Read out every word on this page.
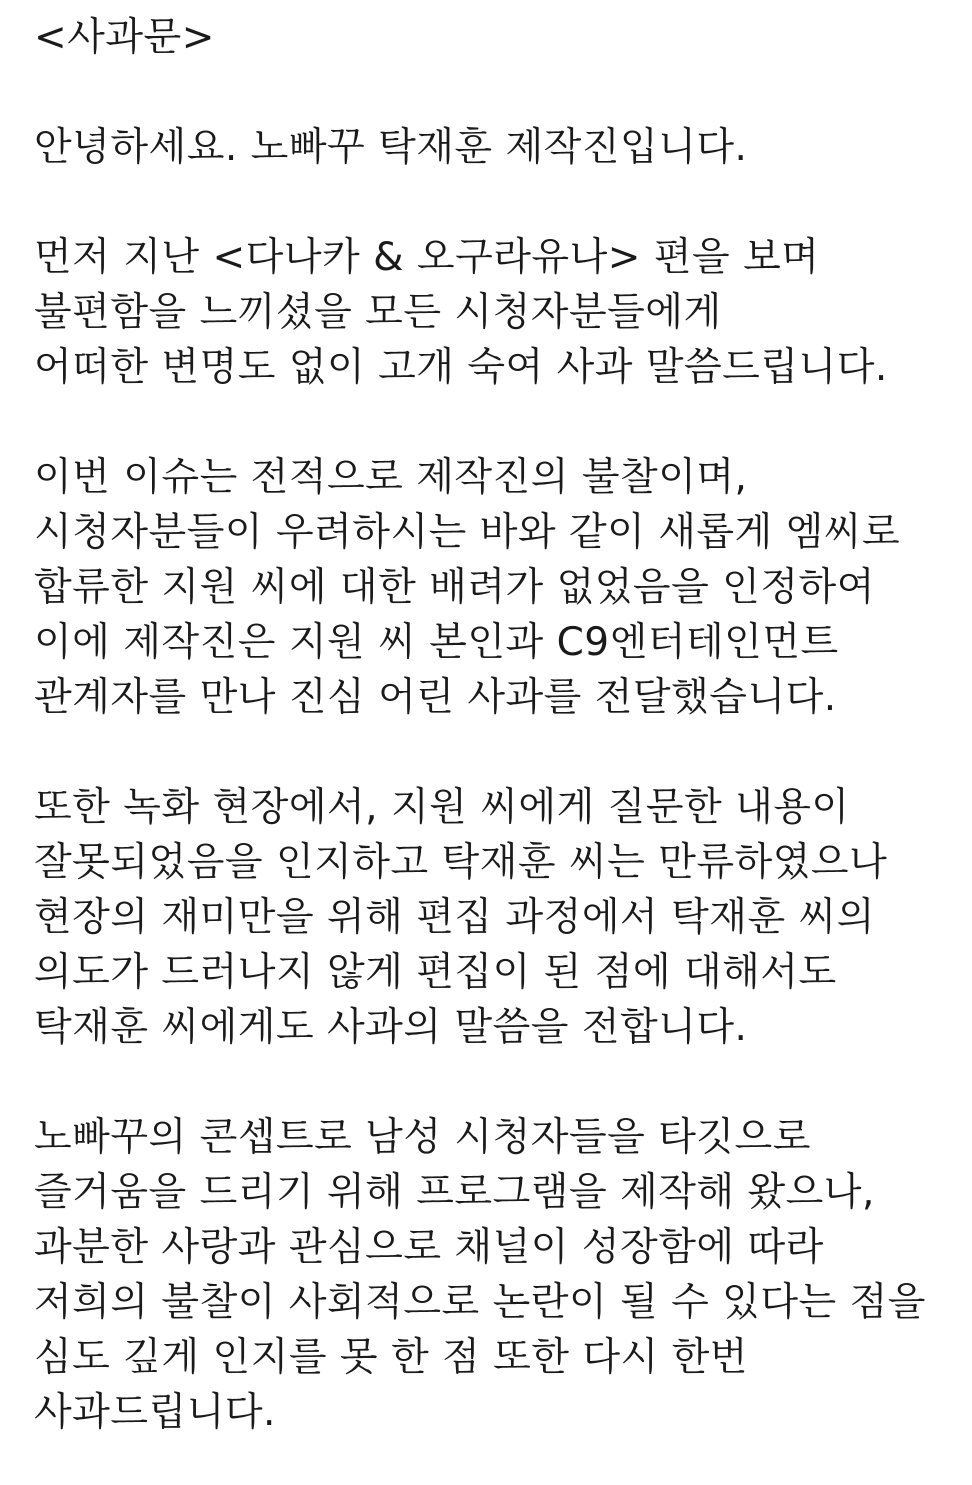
<사과문>
안녕하세요. 노빠꾸 탁재훈 제작진입니다.
먼저 지난 <다나카 & 오구라유나> 편을 보며
불편함을 느끼셨을 모든 시청자분들에게
어떠한 변명도 없이 고개 숙여 사과 말씀드립니다.
이번 이슈는 전적으로 제작진의 불찰이며,
시청자분들이 우려하시는 바와 같이 새롭게 엠씨로
합류한 지원 씨에 대한 배려가 없었음을 인정하여
이에 제작진은 지원 씨 본인과 C9엔터테인먼트
관계자를 만나 진심 어린 사과를 전달했습니다.
또한 녹화 현장에서, 지원 씨에게 질문한 내용이
잘못되었음을 인지하고 탁재훈 씨는 만류하였으나
현장의 재미만을 위해 편집 과정에서 탁재훈 씨의
의도가 드러나지 않게 편집이 된 점에 대해서도
탁재훈 씨에게도 사과의 말씀을 전합니다.
노빠꾸의 콘셉트로 남성 시청자들을 타깃으로
즐거움을 드리기 위해 프로그램을 제작해 왔으나,
과분한 사랑과 관심으로 채널이 성장함에 따라
저희의 불찰이 사회적으로 논란이 될 수 있다는 점을
심도 깊게 인지를 못 한 점 또한 다시 한번
사과드립니다.
